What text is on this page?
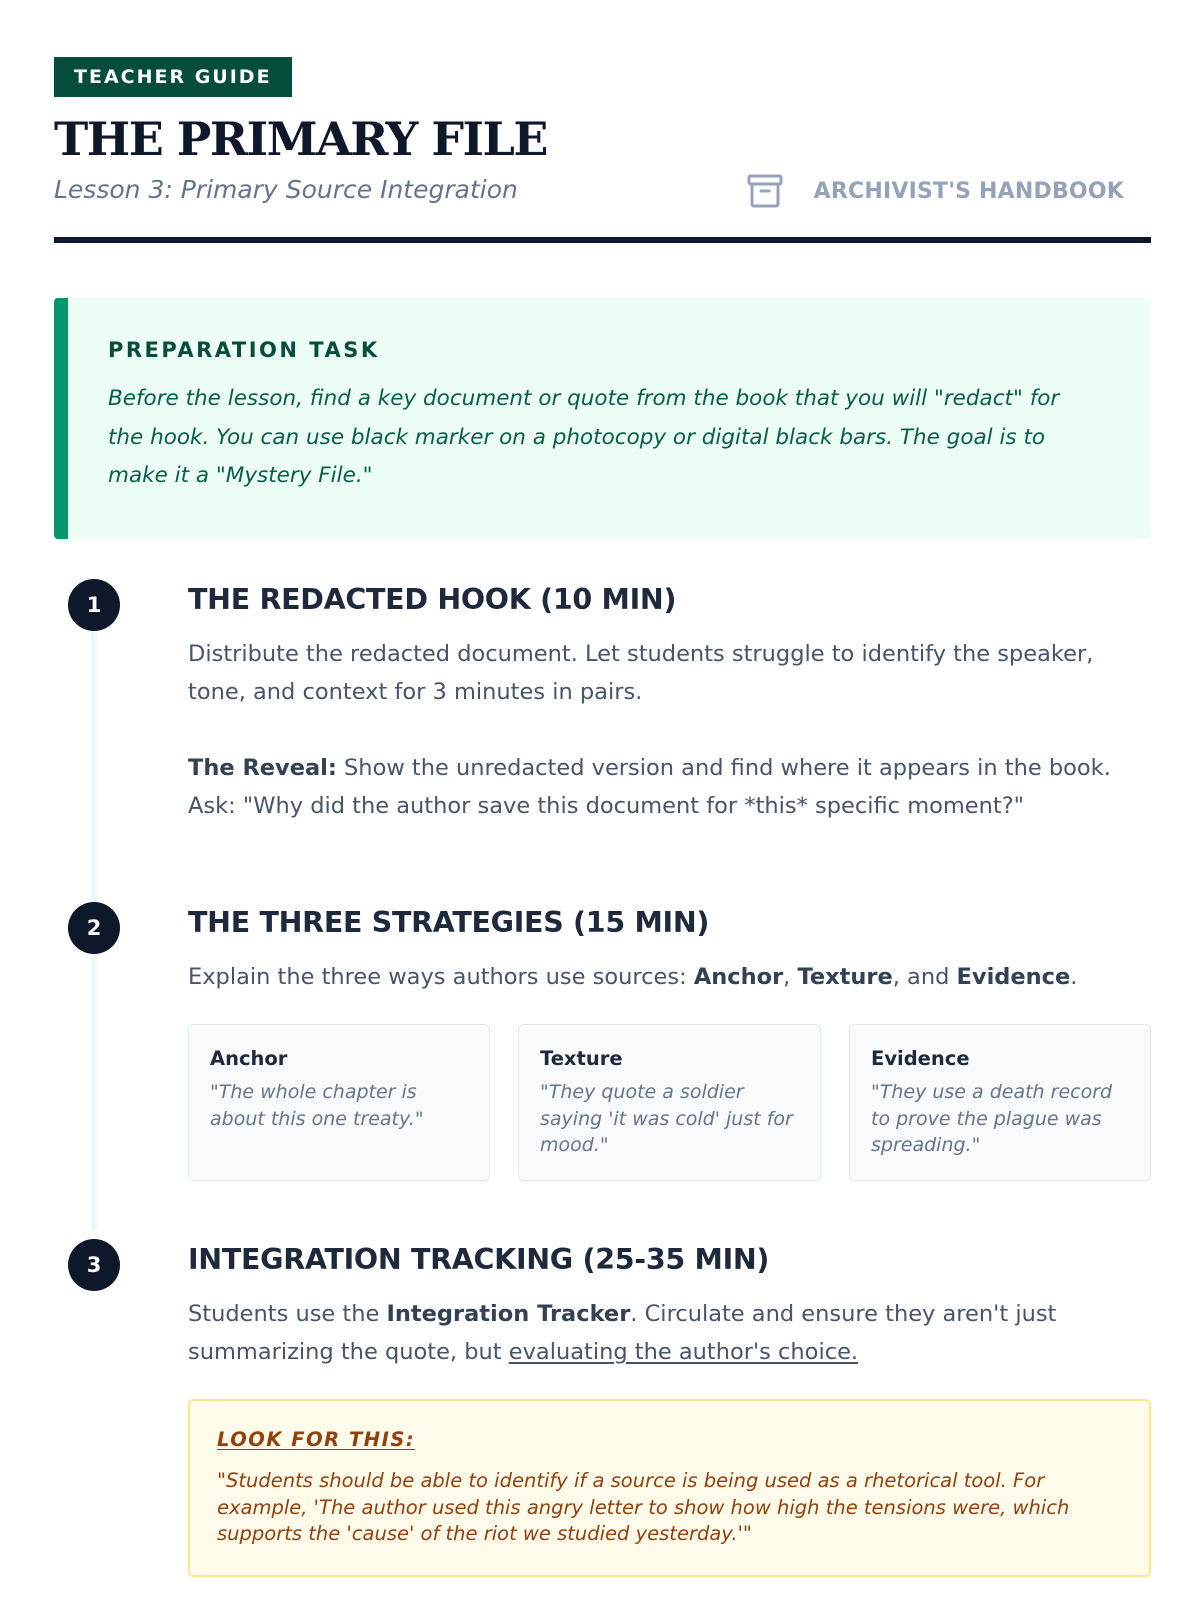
TEACHER GUIDE
THE PRIMARY FILE
Lesson 3: Primary Source Integration	ARCHIVIST'S HANDBOOK
PREPARATION TASK

Before the lesson, find a key document or quote from the book that you will "redact" for the hook. You can use black marker on a photocopy or digital black bars. The goal is to make it a "Mystery File."

1	THE REDACTED HOOK (10 MIN)

Distribute the redacted document. Let students struggle to identify the speaker, tone, and context for 3 minutes in pairs.

The Reveal: Show the unredacted version and find where it appears in the book. Ask: "Why did the author save this document for *this* specific moment?"

2	THE THREE STRATEGIES (15 MIN)

Explain the three ways authors use sources: Anchor, Texture, and Evidence.

Anchor
"The whole chapter is about this one treaty."
Texture
"They quote a soldier saying 'it was cold' just for mood."
Evidence
"They use a death record to prove the plague was spreading."
3	INTEGRATION TRACKING (25-35 MIN)

Students use the Integration Tracker. Circulate and ensure they aren't just summarizing the quote, but evaluating the author's choice.

LOOK FOR THIS:

"Students should be able to identify if a source is being used as a rhetorical tool. For example, 'The author used this angry letter to show how high the tensions were, which supports the 'cause' of the riot we studied yesterday.'"
